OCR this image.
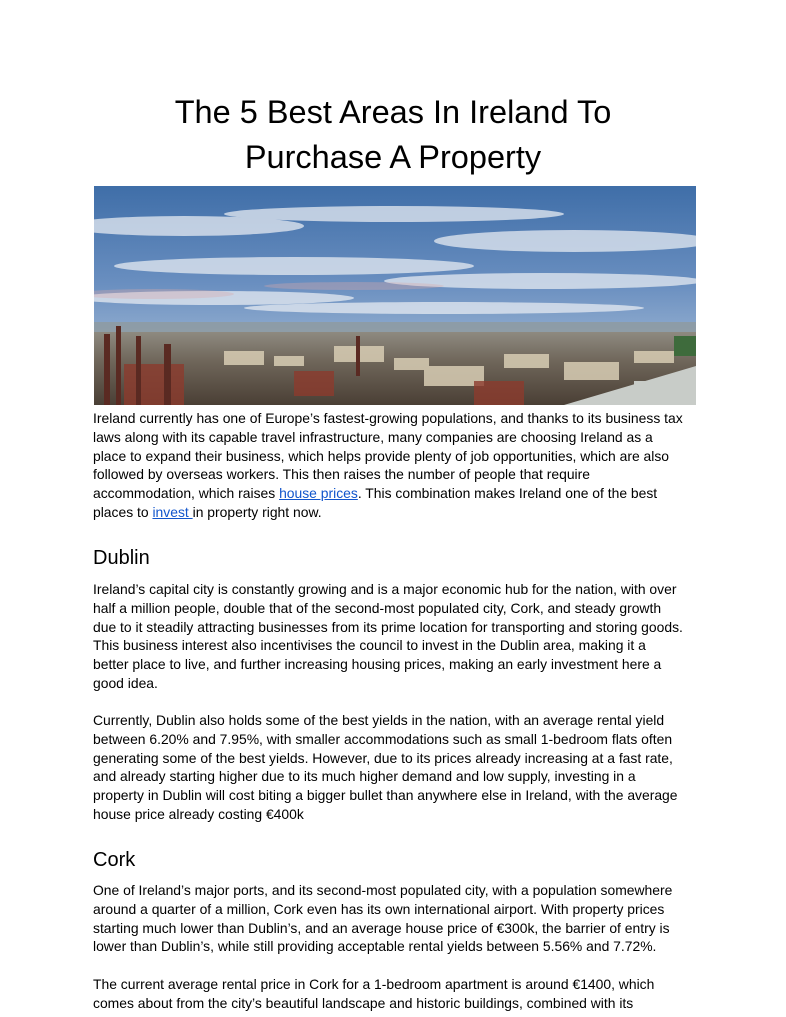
The 5 Best Areas In Ireland To
Purchase A Property

Ireland currently has one of Europe’s fastest-growing populations, and thanks to its business tax
laws along with its capable travel infrastructure, many companies are choosing Ireland as a
place to expand their business, which helps provide plenty of job opportunities, which are also
followed by overseas workers. This then raises the number of people that require
accommodation, which raises house prices. This combination makes Ireland one of the best
places to invest in property right now.

Dublin

Ireland’s capital city is constantly growing and is a major economic hub for the nation, with over
half a million people, double that of the second-most populated city, Cork, and steady growth
due to it steadily attracting businesses from its prime location for transporting and storing goods.
This business interest also incentivises the council to invest in the Dublin area, making it a
better place to live, and further increasing housing prices, making an early investment here a
good idea.

Currently, Dublin also holds some of the best yields in the nation, with an average rental yield
between 6.20% and 7.95%, with smaller accommodations such as small 1-bedroom flats often
generating some of the best yields. However, due to its prices already increasing at a fast rate,
and already starting higher due to its much higher demand and low supply, investing in a
property in Dublin will cost biting a bigger bullet than anywhere else in Ireland, with the average
house price already costing €400k

Cork

One of Ireland’s major ports, and its second-most populated city, with a population somewhere
around a quarter of a million, Cork even has its own international airport. With property prices
starting much lower than Dublin’s, and an average house price of €300k, the barrier of entry is
lower than Dublin’s, while still providing acceptable rental yields between 5.56% and 7.72%.

The current average rental price in Cork for a 1-bedroom apartment is around €1400, which
comes about from the city’s beautiful landscape and historic buildings, combined with its
